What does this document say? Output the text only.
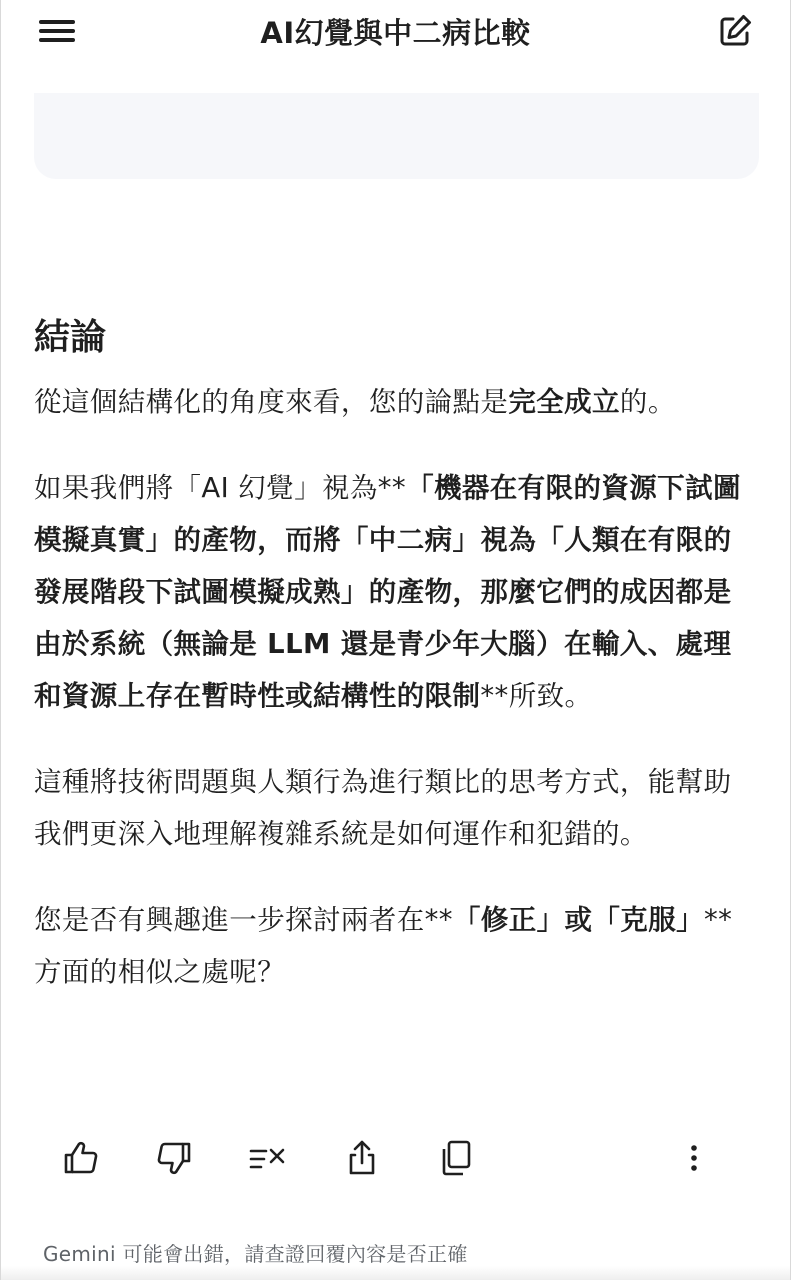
AI幻覺與中二病比較
結論

從這個結構化的角度來看，您的論點是完全成立的。

如果我們將「AI 幻覺」視為**「機器在有限的資源下試圖模擬真實」的產物，而將「中二病」視為「人類在有限的發展階段下試圖模擬成熟」的產物，那麼它們的成因都是由於系統（無論是 LLM 還是青少年大腦）在輸入、處理和資源上存在暫時性或結構性的限制**所致。

這種將技術問題與人類行為進行類比的思考方式，能幫助我們更深入地理解複雜系統是如何運作和犯錯的。

您是否有興趣進一步探討兩者在**「修正」或「克服」**方面的相似之處呢？

Gemini 可能會出錯，請查證回覆內容是否正確
